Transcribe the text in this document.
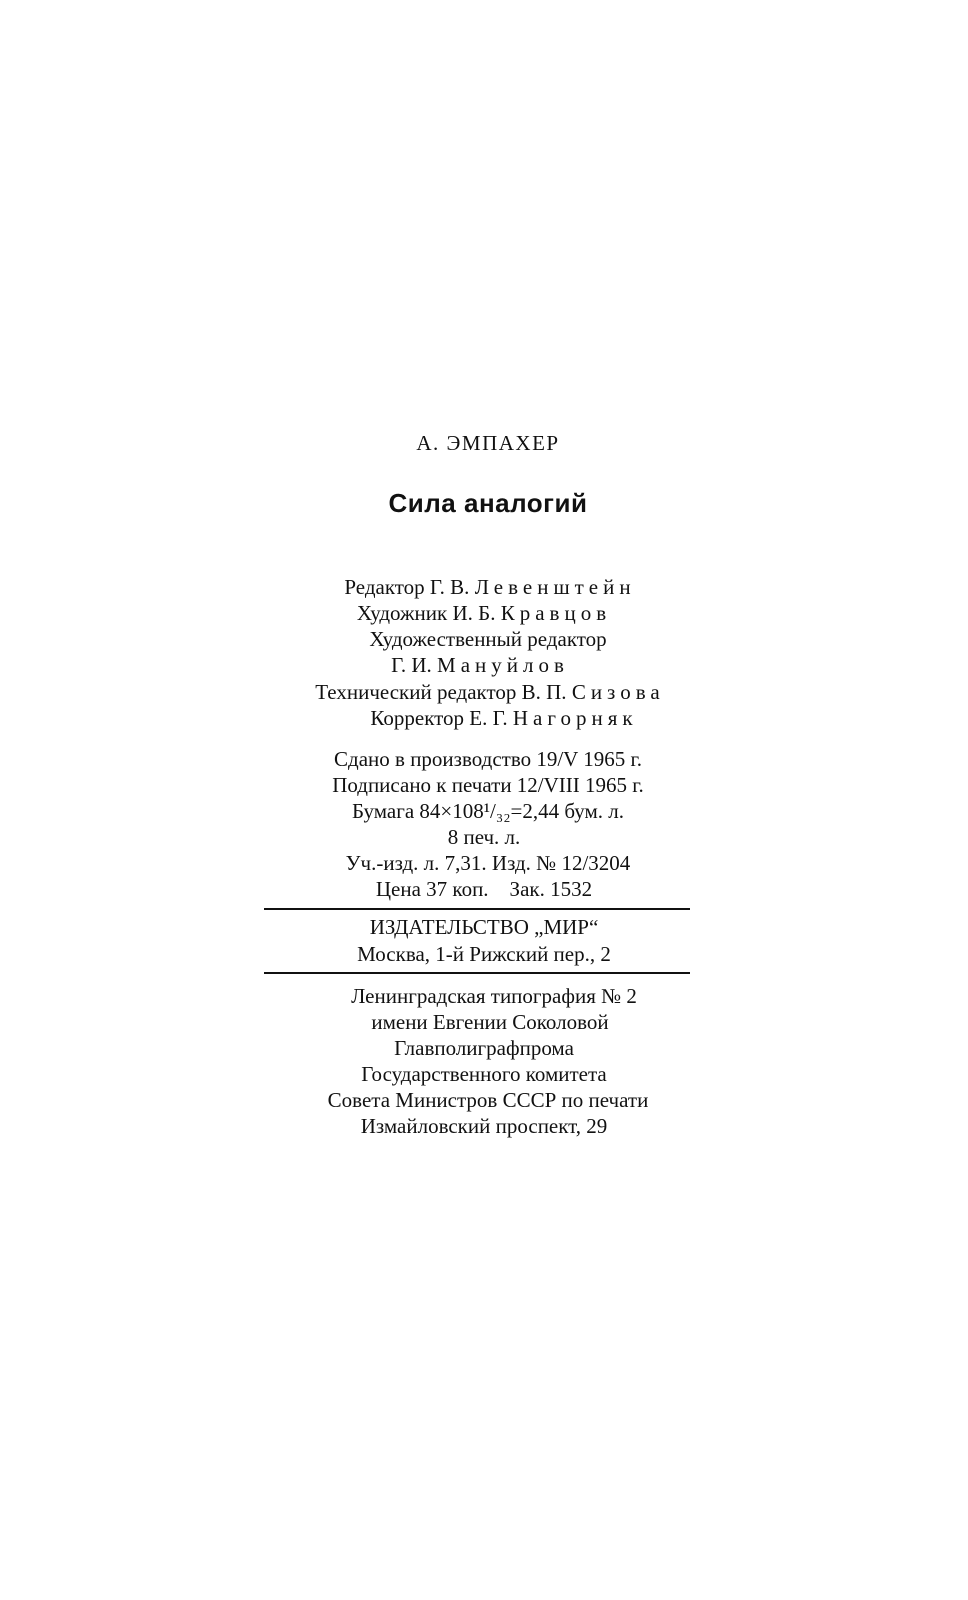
А. ЭМПАХЕР
Сила аналогий
Редактор Г. В. Левенштейн
Художник И. Б. Кравцов
Художественный редактор
Г. И. Мануйлов
Технический редактор В. П. Сизова
Корректор Е. Г. Нагорняк
Сдано в производство 19/V 1965 г.
Подписано к печати 12/VIII 1965 г.
Бумага 84×108¹/₃₂=2,44 бум. л.
8 печ. л.
Уч.-изд. л. 7,31. Изд. № 12/3204
Цена 37 коп.    Зак. 1532
ИЗДАТЕЛЬСТВО „МИР“
Москва, 1-й Рижский пер., 2
Ленинградская типография № 2
имени Евгении Соколовой
Главполиграфпрома
Государственного комитета
Совета Министров СССР по печати
Измайловский проспект, 29
